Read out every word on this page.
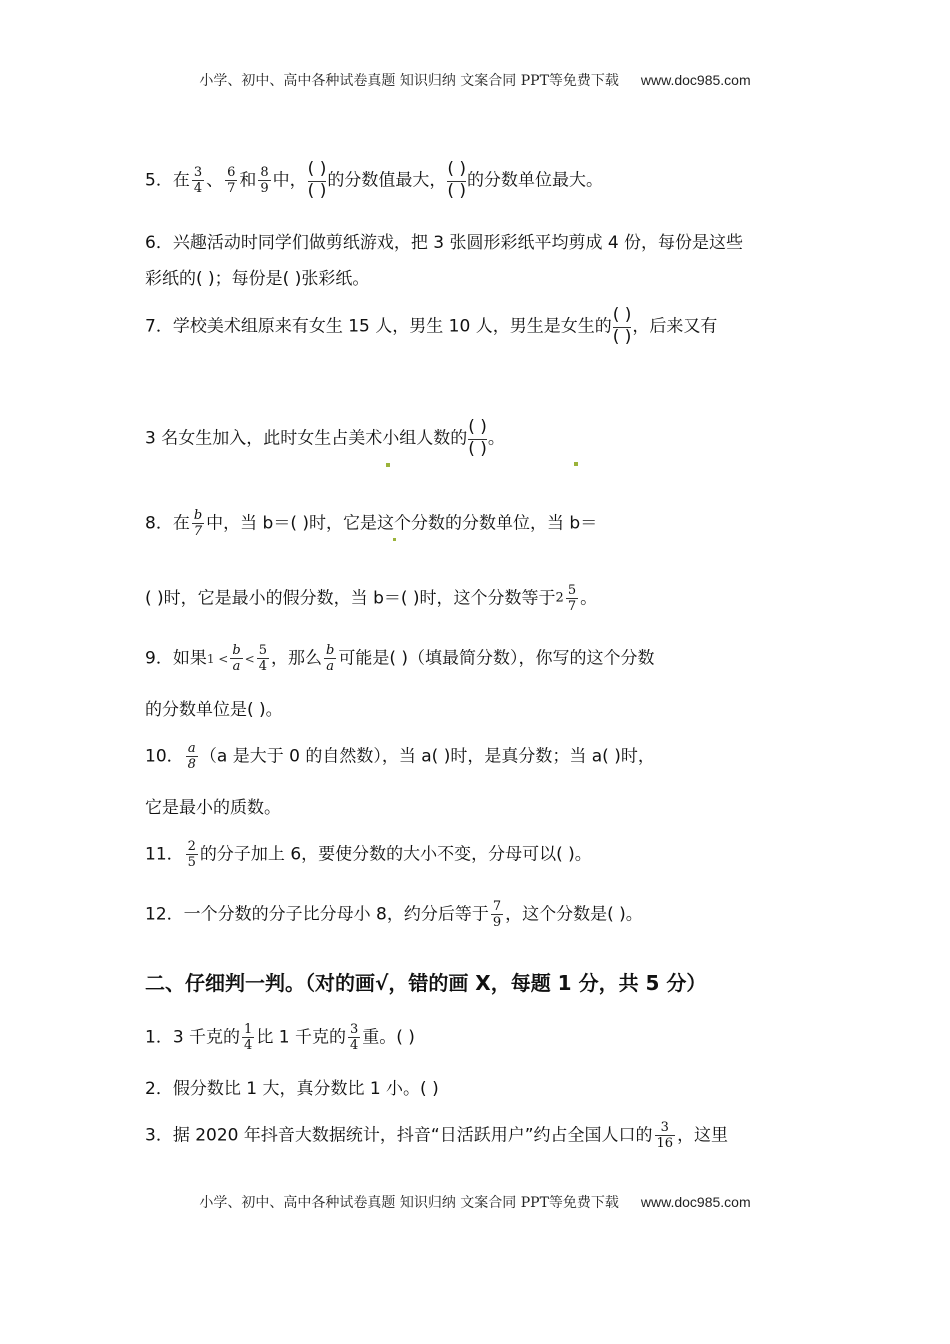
小学、初中、高中各种试卷真题 知识归纳 文案合同 PPT等免费下载 www.doc985.com
5．在 $\frac{3}{4}$ 、 $\frac{6}{7}$ 和 $\frac{8}{9}$ 中，
( )
( )
的分数值最大，
( )
( )
的分数单位最大。
6．兴趣活动时同学们做剪纸游戏，把 3 张圆形彩纸平均剪成 4 份，每份是这些
彩纸的( )；每份是( )张彩纸。
7．学校美术组原来有女生 15 人，男生 10 人，男生是女生的
( )
( )
，后来又有
3 名女生加入，此时女生占美术小组人数的
( )
( )
。
8．在 $\frac{b}{7}$ 中，当 b＝( )时，它是这个分数的分数单位，当 b＝
( )时，它是最小的假分数，当 b＝( )时，这个分数等于$2 \frac{5}{7}$ 。
9．如果$1 < \frac{b}{a} < \frac{5}{4}$ ，那么 $\frac{b}{a}$ 可能是( )（填最简分数），你写的这个分数
的分数单位是( )。
10． $\frac{a}{8} (a$ 是大于 0 的自然数），当 a( )时，是真分数；当 a( )时，
它是最小的质数。
11． $\frac{2}{5}$ 的分子加上 6，要使分数的大小不变，分母可以( )。
12．一个分数的分子比分母小 8，约分后等于 $\frac{7}{9}$ ，这个分数是( )。
二、仔细判一判。（对的画√，错的画 X，每题 1 分，共 5 分）
1．3 千克的 $\frac{1}{4}$ 比 1 千克的 $\frac{3}{4}$ 重。( )
2．假分数比 1 大，真分数比 1 小。( )
3．据 2020 年抖音大数据统计，抖音“日活跃用户”约占全国人口的 $\frac{3}{16}$ ，这里
小学、初中、高中各种试卷真题 知识归纳 文案合同 PPT等免费下载 www.doc985.com
